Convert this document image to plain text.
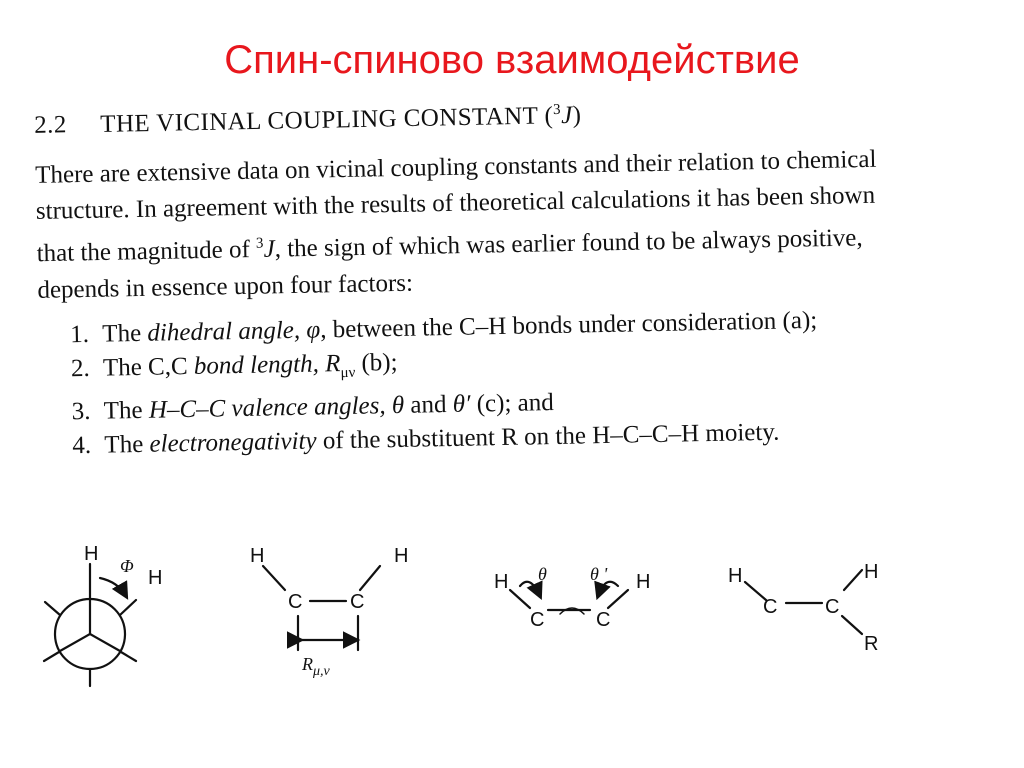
Спин-спиново взаимодействие
2.2 THE VICINAL COUPLING CONSTANT ($^3$J)
There are extensive data on vicinal coupling constants and their relation to chemical
structure. In agreement with the results of theoretical calculations it has been shown
that the magnitude of $^3$J, the sign of which was earlier found to be always positive,
depends in essence upon four factors:
1. The dihedral angle, φ, between the C–H bonds under consideration (a);
2. The C,C bond length, $R_{\mu\nu}$ (b);
3. The H–C–C valence angles, θ and θ′ (c); and
4. The electronegativity of the substituent R on the H–C–C–H moiety.
H
Φ
H
H	H
C C
$R_{\mu,\nu}$
H	H
C	C
θ θ '	H	H
C C
R
